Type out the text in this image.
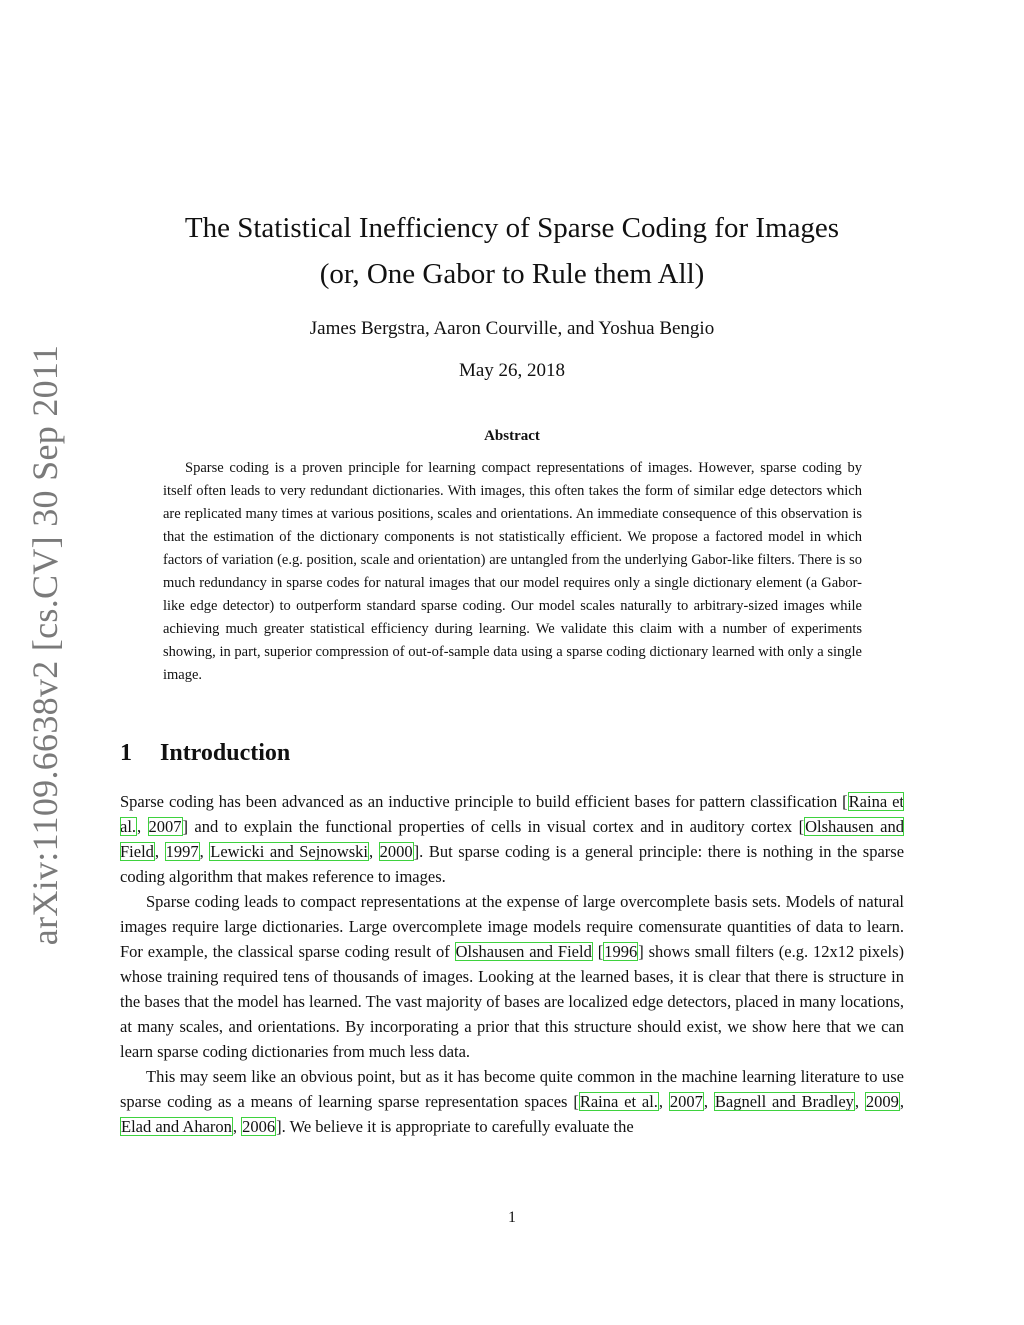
arXiv:1109.6638v2 [cs.CV] 30 Sep 2011
The Statistical Inefficiency of Sparse Coding for Images
(or, One Gabor to Rule them All)
James Bergstra, Aaron Courville, and Yoshua Bengio
May 26, 2018
Abstract
Sparse coding is a proven principle for learning compact representations of images. However, sparse coding by itself often leads to very redundant dictionaries. With images, this often takes the form of similar edge detectors which are replicated many times at various positions, scales and orientations. An immediate consequence of this observation is that the estimation of the dictionary components is not statistically efficient. We propose a factored model in which factors of variation (e.g. position, scale and orientation) are untangled from the underlying Gabor-like filters. There is so much redundancy in sparse codes for natural images that our model requires only a single dictionary element (a Gabor-like edge detector) to outperform standard sparse coding. Our model scales naturally to arbitrary-sized images while achieving much greater statistical efficiency during learning. We validate this claim with a number of experiments showing, in part, superior compression of out-of-sample data using a sparse coding dictionary learned with only a single image.
1 Introduction

Sparse coding has been advanced as an inductive principle to build efficient bases for pattern classification [Raina et al., 2007] and to explain the functional properties of cells in visual cortex and in auditory cortex [Olshausen and Field, 1997, Lewicki and Sejnowski, 2000]. But sparse coding is a general principle: there is nothing in the sparse coding algorithm that makes reference to images.

Sparse coding leads to compact representations at the expense of large overcomplete basis sets. Models of natural images require large dictionaries. Large overcomplete image models require comensurate quantities of data to learn. For example, the classical sparse coding result of Olshausen and Field [1996] shows small filters (e.g. 12x12 pixels) whose training required tens of thousands of images. Looking at the learned bases, it is clear that there is structure in the bases that the model has learned. The vast majority of bases are localized edge detectors, placed in many locations, at many scales, and orientations. By incorporating a prior that this structure should exist, we show here that we can learn sparse coding dictionaries from much less data.

This may seem like an obvious point, but as it has become quite common in the machine learning literature to use sparse coding as a means of learning sparse representation spaces [Raina et al., 2007, Bagnell and Bradley, 2009, Elad and Aharon, 2006]. We believe it is appropriate to carefully evaluate the

1
